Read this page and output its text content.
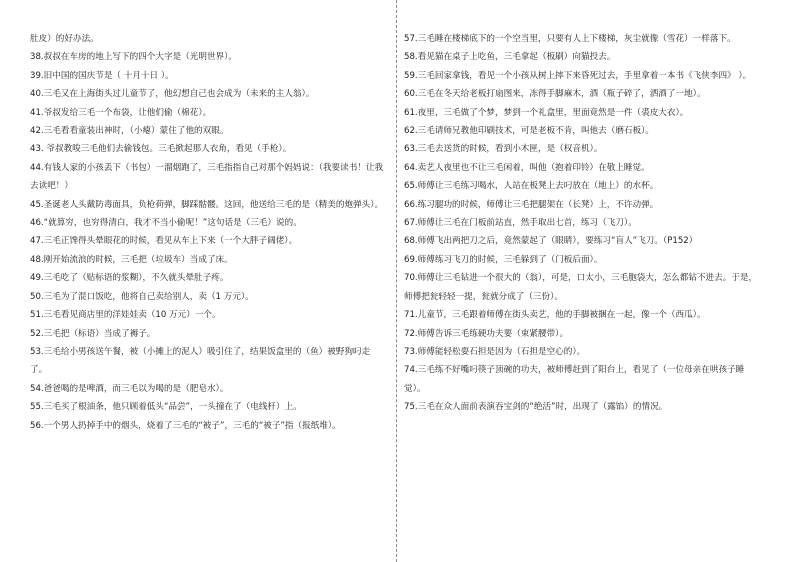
肚皮）的好办法。

38.叔叔在车房的地上写下的四个大字是（光明世界）。

39.旧中国的国庆节是（ 十月十日 ）。

40.三毛又在上海街头过儿童节了，他幻想自己也会成为（未来的主人翁）。

41.爷叔发给三毛一个布袋，让他们偷（棉花）。

42.三毛看看童装出神时，（小瘪）蒙住了他的双眼。

43. 爷叔教唆三毛他们去偷钱包。三毛掀起那人衣角，看见（手枪）。

44.有钱人家的小孩丢下（书包）一溜烟跑了，三毛指指自己对那个妈妈说：（我要读书！让我去读吧！）

45.圣诞老人头戴防毒面具，负枪荷弹，脚踩骷髅。这回，他送给三毛的是（精美的炮弹头）。

46.“就算穷，也穷得清白，我才不当小偷呢！”这句话是（三毛）说的。

47.三毛正馋得头晕眼花的时候，看见从车上下来（一个大胖子阔佬）。

48.刚开始流浪的时候，三毛把（垃圾车）当成了床。

49.三毛吃了（贴标语的浆糊），不久就头晕肚子疼。

50.三毛为了混口饭吃，他将自己卖给别人，卖（1 万元）。

51.三毛看见商店里的洋娃娃卖（10 万元）一个。

52.三毛把（标语）当成了褥子。

53.三毛给小男孩送午餐，被（小摊上的泥人）吸引住了，结果饭盒里的（鱼）被野狗叼走了。

54.爸爸喝的是啤酒，而三毛以为喝的是（肥皂水）。

55.三毛买了根油条，他只顾着低头“品尝”，一头撞在了（电线杆）上。

56.一个男人扔掉手中的烟头，烧着了三毛的“被子”，三毛的“被子”指（报纸堆）。

57.三毛睡在楼梯底下的一个空当里，只要有人上下楼梯，灰尘就像（雪花）一样落下。

58.看见猫在桌子上吃鱼，三毛拿起（板刷）向猫投去。

59.三毛回家拿钱，看见一个小孩从树上摔下来昏死过去，手里拿着一本书《飞侠李四》 ）。

60.三毛在冬天给老板打扇图来，冻得手脚麻木，酒（瓶子碎了，洒酒了一地）。

61.夜里，三毛做了个梦，梦到一个礼盒里，里面竟然是一件（裘皮大衣）。

62.三毛请师兄教他印刷技术，可是老板不肯，叫他去（磨石板）。

63.三毛去送货的时候，看到小木匣，是（权音机）。

64.卖艺人夜里也不让三毛闲着，叫他（抱着印铃）在敬上睡觉。

65.师傅让三毛练习喝水，人站在板凳上去叼放在（地上）的水杯。

66.练习腿功的时候，师傅让三毛把腿架在（长凳）上，不许动弹。

67.师傅让三毛在门板前站直，然手取出七首，练习（飞刀）。

68.师傅飞出两把刀之后，竟然蒙起了（眼睛），要练习“盲人”飞刀。（P152）

69.师傅练习飞刀的时候，三毛躲到了（门板后面）。

70.师傅让三毛钻进一个很大的（翁），可是，口太小，三毛胞袋大，怎么都钻不进去。于是，师傅把瓮轻轻一提，瓮就分成了（三份）。

71.儿童节，三毛跟着师傅在街头卖艺，他的手脚被捆在一起，像一个（西瓜）。

72.师傅告诉三毛练硬功夫要（束紧腰带）。

73.师傅能轻松耍石担是因为（石担是空心的）。

74.三毛练不好嘴叼筷子顶碗的功夫，被师傅赶到了阳台上，看见了（一位母亲在哄孩子睡觉）。

75.三毛在众人面前表演吞宝剑的“绝活”时，出现了（露馅）的情况。
